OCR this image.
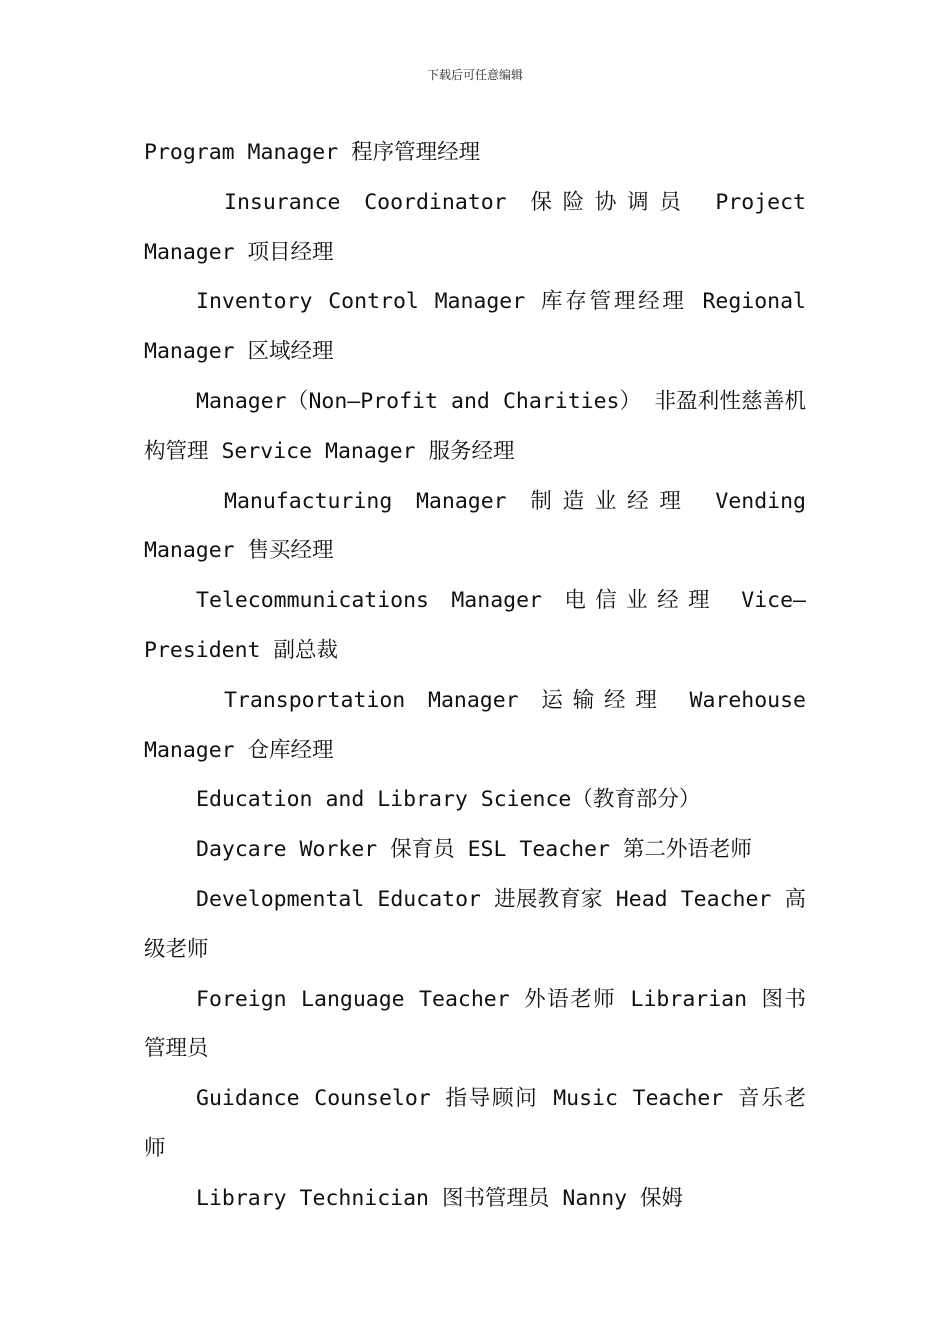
下载后可任意编辑

Program Manager 程序管理经理

Insurance Coordinator 保险协调员 Project Manager 项目经理

Inventory Control Manager 库存管理经理 Regional Manager 区域经理

Manager（Non—Profit and Charities） 非盈利性慈善机构管理 Service Manager 服务经理

Manufacturing Manager 制造业经理 Vending Manager 售买经理

Telecommunications Manager 电信业经理 Vice—President 副总裁

Transportation Manager 运输经理 Warehouse Manager 仓库经理

Education and Library Science（教育部分）

Daycare Worker 保育员 ESL Teacher 第二外语老师

Developmental Educator 进展教育家 Head Teacher 高级老师

Foreign Language Teacher 外语老师 Librarian 图书管理员

Guidance Counselor 指导顾问 Music Teacher 音乐老师

Library Technician 图书管理员 Nanny 保姆
